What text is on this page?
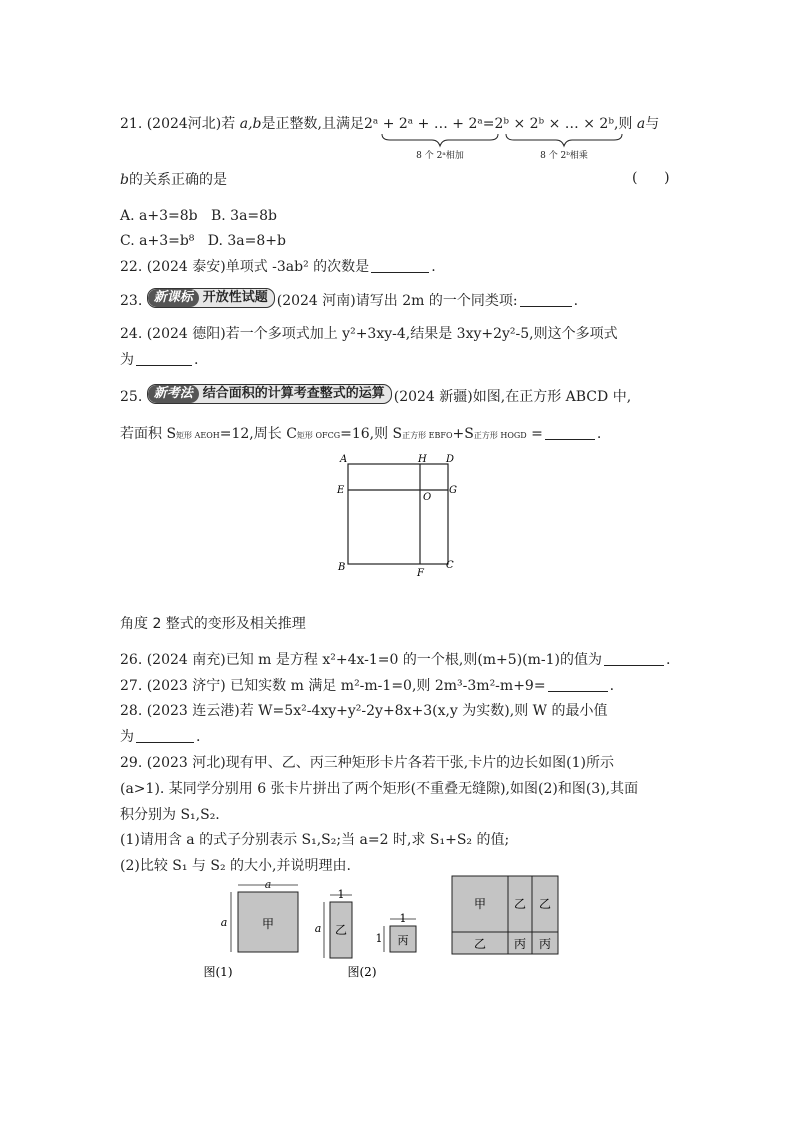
21. (2024河北)若 a,b是正整数,且满足2ᵃ + 2ᵃ + … + 2ᵃ=2ᵇ × 2ᵇ × … × 2ᵇ,则 a与
8 个 2ᵃ相加	8 个 2ᵇ相乘
b的关系正确的是	(      )
A. a+3=8b B. 3a=8b
C. a+3=b⁸ D. 3a=8+b
22. (2024 泰安)单项式 -3ab² 的次数是	.
23. 新课标 开放性试题 (2024 河南)请写出 2m 的一个同类项:	.
24. (2024 德阳)若一个多项式加上 y²+3xy-4,结果是 3xy+2y²-5,则这个多项式
为	.
25. 新考法 结合面积的计算考查整式的运算 (2024 新疆)如图,在正方形 ABCD 中,
若面积 S矩形 AEOH=12,周长 C矩形 OFCG=16,则 S正方形 EBFO+S正方形 HOGD =	.
A	H D
E
O
G
B
F
C
角度 2 整式的变形及相关推理
26. (2024 南充)已知 m 是方程 x²+4x-1=0 的一个根,则(m+5)(m-1)的值为	.
27. (2023 济宁) 已知实数 m 满足 m²-m-1=0,则 2m³-3m²-m+9=	.
28. (2023 连云港)若 W=5x²-4xy+y²-2y+8x+3(x,y 为实数),则 W 的最小值
为	.
29. (2023 河北)现有甲、乙、丙三种矩形卡片各若干张,卡片的边长如图(1)所示
(a>1). 某同学分别用 6 张卡片拼出了两个矩形(不重叠无缝隙),如图(2)和图(3),其面
积分别为 S₁,S₂.
(1)请用含 a 的式子分别表示 S₁,S₂;当 a=2 时,求 S₁+S₂ 的值;
(2)比较 S₁ 与 S₂ 的大小,并说明理由.
甲
a
a
乙
1
a
丙
1
1
甲 乙 乙
乙 丙 丙
图(1)	图(2)
